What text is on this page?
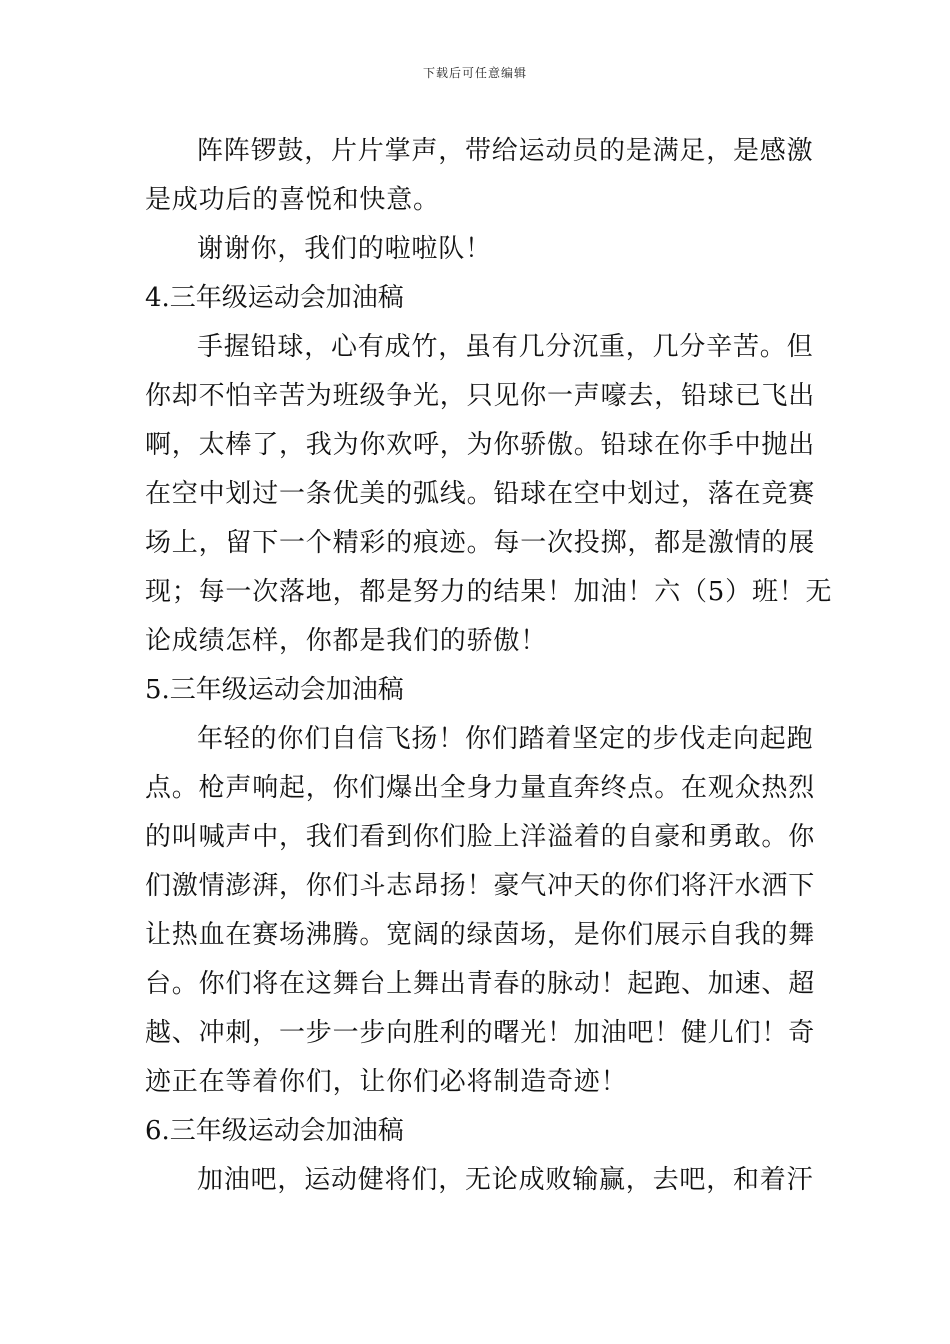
下载后可任意编辑
阵阵锣鼓，片片掌声，带给运动员的是满足，是感激
是成功后的喜悦和快意。
谢谢你，我们的啦啦队！
4.三年级运动会加油稿
手握铅球，心有成竹，虽有几分沉重，几分辛苦。但
你却不怕辛苦为班级争光，只见你一声嚎去，铅球已飞出
啊，太棒了，我为你欢呼，为你骄傲。铅球在你手中抛出
在空中划过一条优美的弧线。铅球在空中划过，落在竞赛
场上，留下一个精彩的痕迹。每一次投掷，都是激情的展
现；每一次落地，都是努力的结果！加油！六（5）班！无
论成绩怎样，你都是我们的骄傲！
5.三年级运动会加油稿
年轻的你们自信飞扬！你们踏着坚定的步伐走向起跑
点。枪声响起，你们爆出全身力量直奔终点。在观众热烈
的叫喊声中，我们看到你们脸上洋溢着的自豪和勇敢。你
们激情澎湃，你们斗志昂扬！豪气冲天的你们将汗水洒下
让热血在赛场沸腾。宽阔的绿茵场，是你们展示自我的舞
台。你们将在这舞台上舞出青春的脉动！起跑、加速、超
越、冲刺，一步一步向胜利的曙光！加油吧！健儿们！奇
迹正在等着你们，让你们必将制造奇迹！
6.三年级运动会加油稿
加油吧，运动健将们，无论成败输赢，去吧，和着汗
